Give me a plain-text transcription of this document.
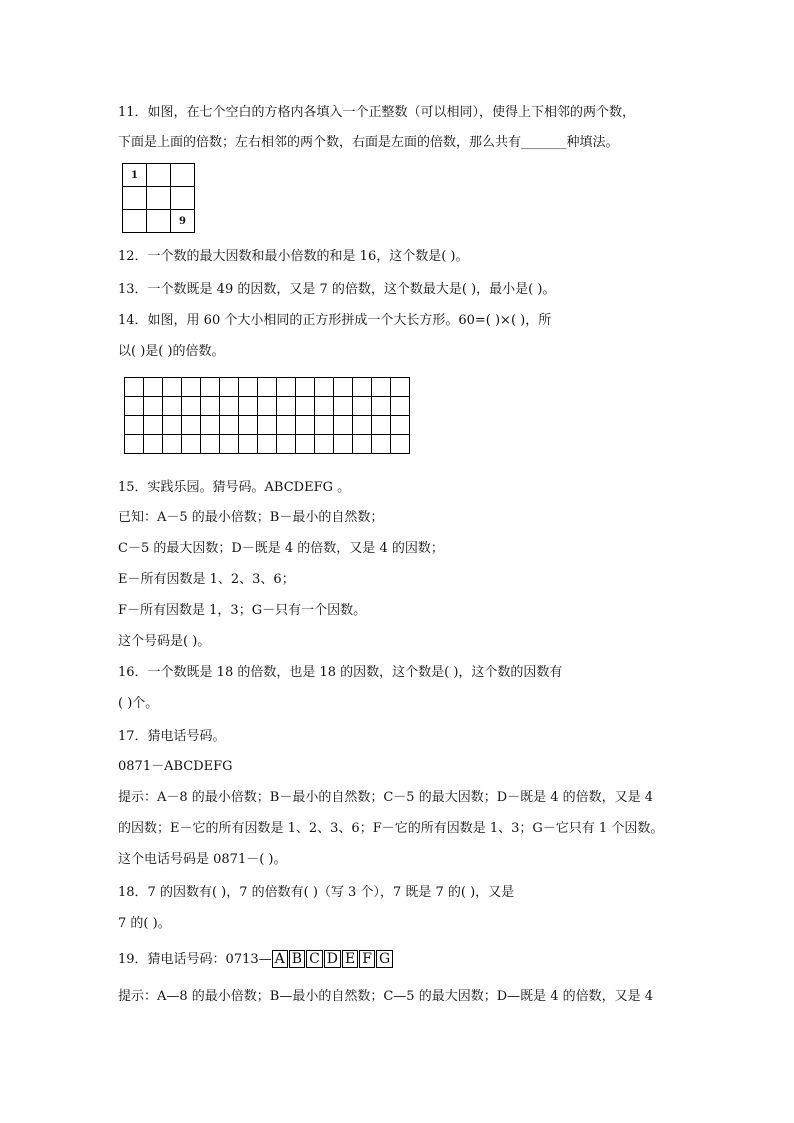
11．如图，在七个空白的方格内各填入一个正整数（可以相同），使得上下相邻的两个数，
下面是上面的倍数；左右相邻的两个数，右面是左面的倍数，那么共有_______种填法。
1		

		9
12．一个数的最大因数和最小倍数的和是 16，这个数是( )。
13．一个数既是 49 的因数，又是 7 的倍数，这个数最大是( )，最小是( )。
14．如图，用 60 个大小相同的正方形拼成一个大长方形。60=( )×( )，所
以( )是( )的倍数。

15．实践乐园。猜号码。ABCDEFG 。
已知：A－5 的最小倍数；B－最小的自然数；
C－5 的最大因数；D－既是 4 的倍数，又是 4 的因数；
E－所有因数是 1、2、3、6；
F－所有因数是 1，3；G－只有一个因数。
这个号码是( )。
16．一个数既是 18 的倍数，也是 18 的因数，这个数是( )，这个数的因数有
( )个。
17．猜电话号码。
0871－ABCDEFG
提示：A－8 的最小倍数；B－最小的自然数；C－5 的最大因数；D－既是 4 的倍数，又是 4
的因数；E－它的所有因数是 1、2、3、6；F－它的所有因数是 1、3；G－它只有 1 个因数。
这个电话号码是 0871－( )。
18．7 的因数有( )，7 的倍数有( )（写 3 个），7 既是 7 的( )，又是
7 的( )。
19．猜电话号码：0713— A B C D E F G
提示：A—8 的最小倍数；B—最小的自然数；C—5 的最大因数；D—既是 4 的倍数，又是 4
